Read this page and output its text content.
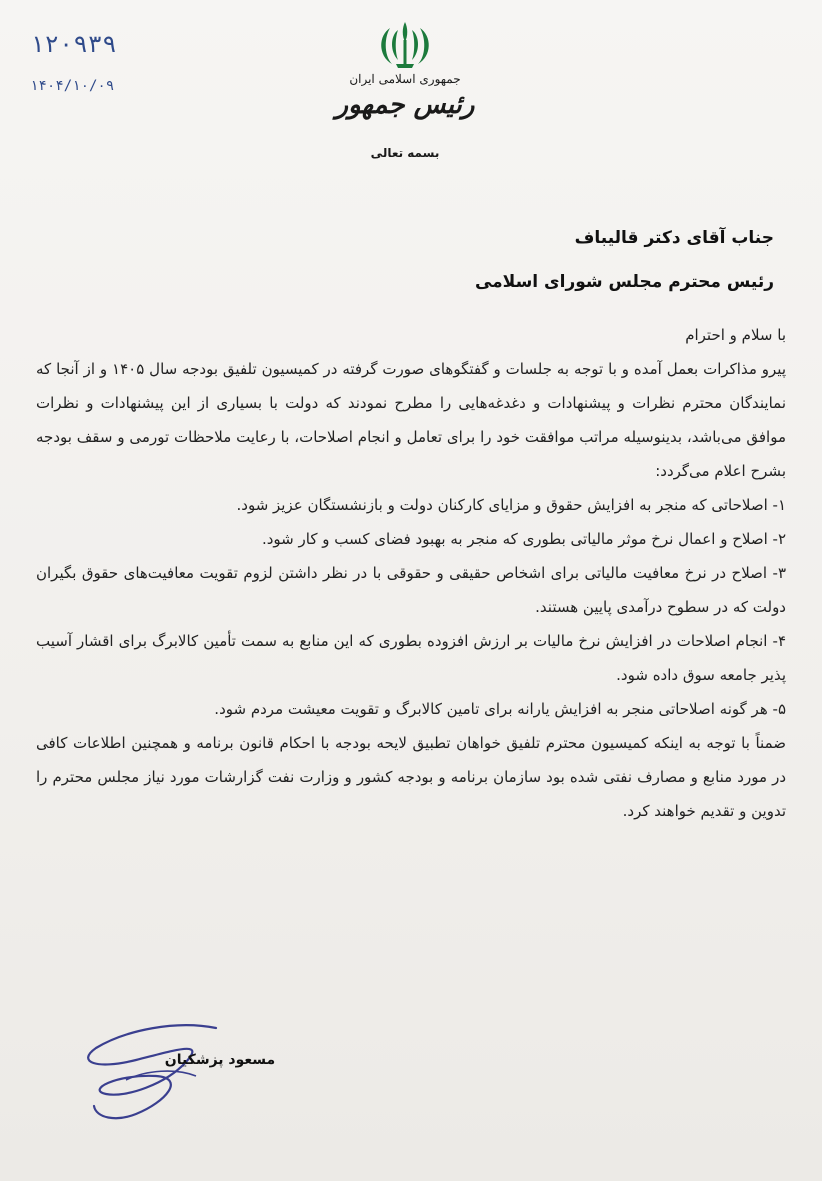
۱۲۰۹۳۹
۱۴۰۴/۱۰/۰۹	جمهوری اسلامی ایران
رئیس جمهور
بسمه تعالی
جناب آقای دکتر قالیباف
رئیس محترم مجلس شورای اسلامی

با سلام و احترام

پیرو مذاکرات بعمل آمده و با توجه به جلسات و گفتگوهای صورت گرفته در کمیسیون تلفیق بودجه سال ۱۴۰۵ و از آنجا که نمایندگان محترم نظرات و پیشنهادات و دغدغه‌هایی را مطرح نمودند که دولت با بسیاری از این پیشنهادات و نظرات موافق می‌باشد، بدینوسیله مراتب موافقت خود را برای تعامل و انجام اصلاحات، با رعایت ملاحظات تورمی و سقف بودجه بشرح اعلام می‌گردد:

۱- اصلاحاتی که منجر به افزایش حقوق و مزایای کارکنان دولت و بازنشستگان عزیز شود.

۲- اصلاح و اعمال نرخ موثر مالیاتی بطوری که منجر به بهبود فضای کسب و کار شود.

۳- اصلاح در نرخ معافیت مالیاتی برای اشخاص حقیقی و حقوقی با در نظر داشتن لزوم تقویت معافیت‌های حقوق بگیران دولت که در سطوح درآمدی پایین هستند.

۴- انجام اصلاحات در افزایش نرخ مالیات بر ارزش افزوده بطوری که این منابع به سمت تأمین کالابرگ برای اقشار آسیب پذیر جامعه سوق داده شود.

۵- هر گونه اصلاحاتی منجر به افزایش یارانه برای تامین کالابرگ و تقویت معیشت مردم شود.

ضمناً با توجه به اینکه کمیسیون محترم تلفیق خواهان تطبیق لایحه بودجه با احکام قانون برنامه و همچنین اطلاعات کافی در مورد منابع و مصارف نفتی شده بود سازمان برنامه و بودجه کشور و وزارت نفت گزارشات مورد نیاز مجلس محترم را تدوین و تقدیم خواهند کرد.

مسعود پزشکیان
